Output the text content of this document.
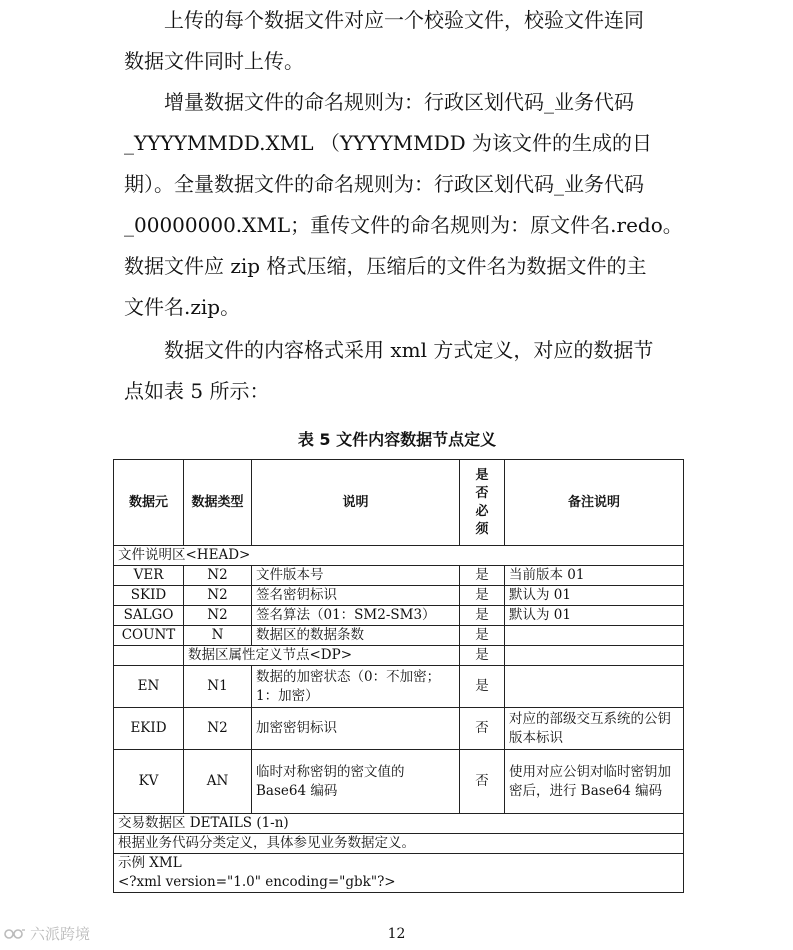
上传的每个数据文件对应一个校验文件，校验文件连同
数据文件同时上传。

增量数据文件的命名规则为：行政区划代码_业务代码
_YYYYMMDD.XML （YYYYMMDD 为该文件的生成的日
期）。全量数据文件的命名规则为：行政区划代码_业务代码
_00000000.XML；重传文件的命名规则为：原文件名.redo。
数据文件应 zip 格式压缩，压缩后的文件名为数据文件的主
文件名.zip。

数据文件的内容格式采用 xml 方式定义，对应的数据节
点如表 5 所示：

表 5 文件内容数据节点定义

数据元	数据类型	说明	是否必须	备注说明
文件说明区<HEAD>				
VER	N2	文件版本号	是	当前版本 01
SKID	N2	签名密钥标识	是	默认为 01
SALGO	N2	签名算法（01：SM2-SM3）	是	默认为 01
COUNT	N	数据区的数据条数	是	
	数据区属性定义节点<DP>		是	
EN	N1	数据的加密状态（0：不加密；1：加密）	是	
EKID	N2	加密密钥标识	否	对应的部级交互系统的公钥版本标识
KV	AN	临时对称密钥的密文值的 Base64 编码	否	使用对应公钥对临时密钥加密后，进行 Base64 编码
交易数据区 DETAILS (1-n)				
根据业务代码分类定义，具体参见业务数据定义。				

示例 XML
<?xml version="1.0" encoding="gbk"?>				
六派跨境	12
